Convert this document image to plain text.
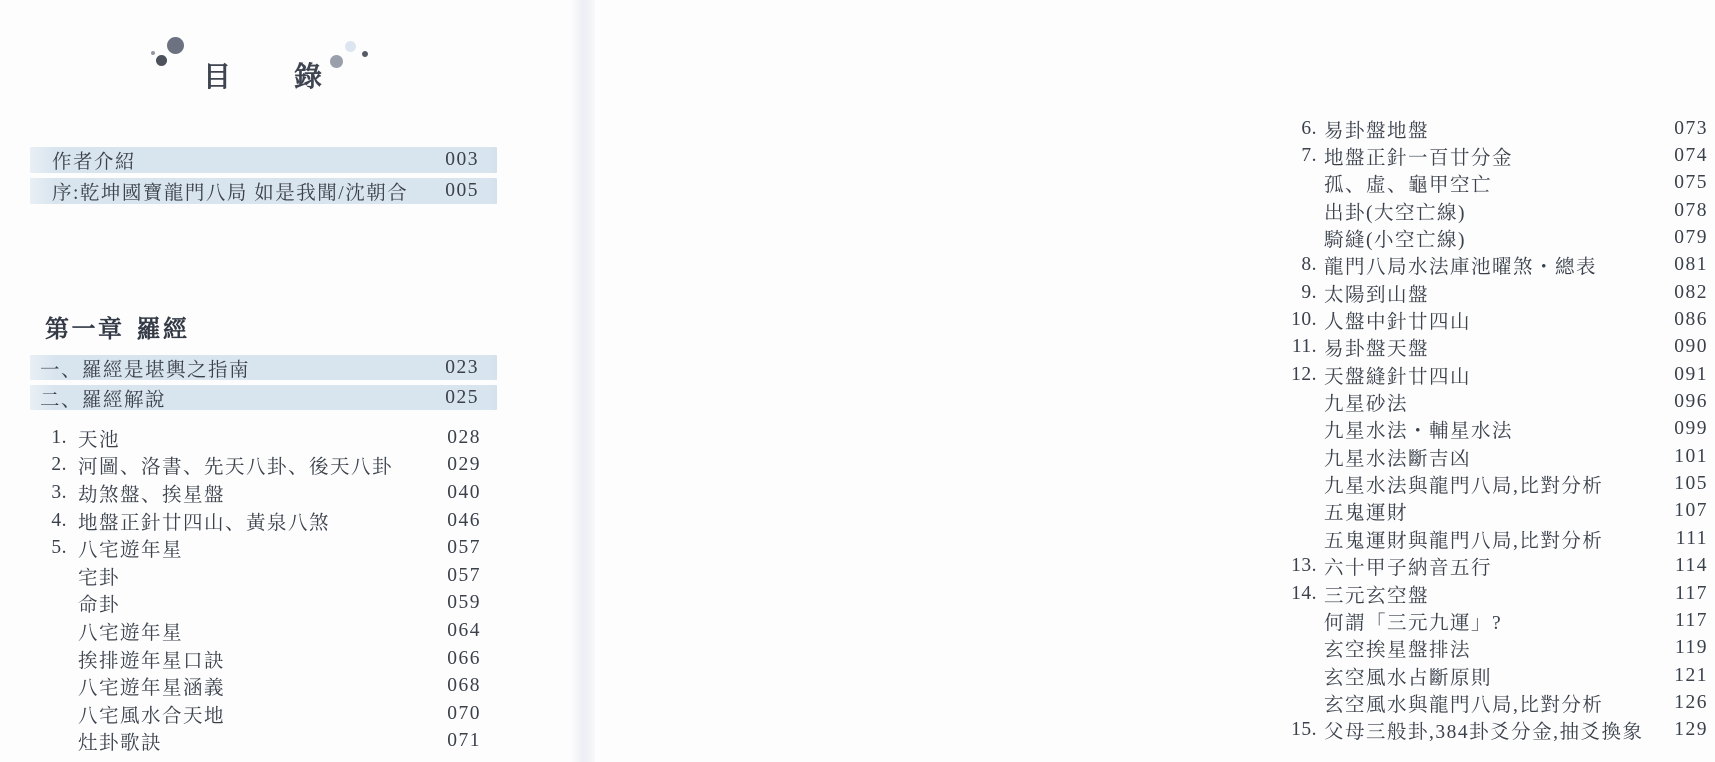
目 錄
作者介紹	003
序:乾坤國寶龍門八局 如是我聞/沈朝合 005
第一章 羅經
一、羅經是堪輿之指南	023
二、羅經解說	025
1. 天池	028
2. 河圖、洛書、先天八卦、後天八卦	029
3. 劫煞盤、挨星盤	040
4. 地盤正針廿四山、黃泉八煞	046
5. 八宅遊年星	057
宅卦	057
命卦	059
八宅遊年星	064
挨排遊年星口訣	066
八宅遊年星涵義	068
八宅風水合天地	070
灶卦歌訣	071
6. 易卦盤地盤	073
7. 地盤正針一百廿分金	074
孤、虛、龜甲空亡	075
出卦(大空亡線)	078
騎縫(小空亡線)	079
8. 龍門八局水法庫池曜煞・總表	081
9. 太陽到山盤	082
10. 人盤中針廿四山	086
11. 易卦盤天盤	090
12. 天盤縫針廿四山	091
九星砂法	096
九星水法・輔星水法	099
九星水法斷吉凶	101
九星水法與龍門八局,比對分析	105
五鬼運財	107
五鬼運財與龍門八局,比對分析	111
13. 六十甲子納音五行	114
14. 三元玄空盤	117
何謂「三元九運」?	117
玄空挨星盤排法	119
玄空風水占斷原則	121
玄空風水與龍門八局,比對分析	126
15. 父母三般卦,384卦爻分金,抽爻換象 129
